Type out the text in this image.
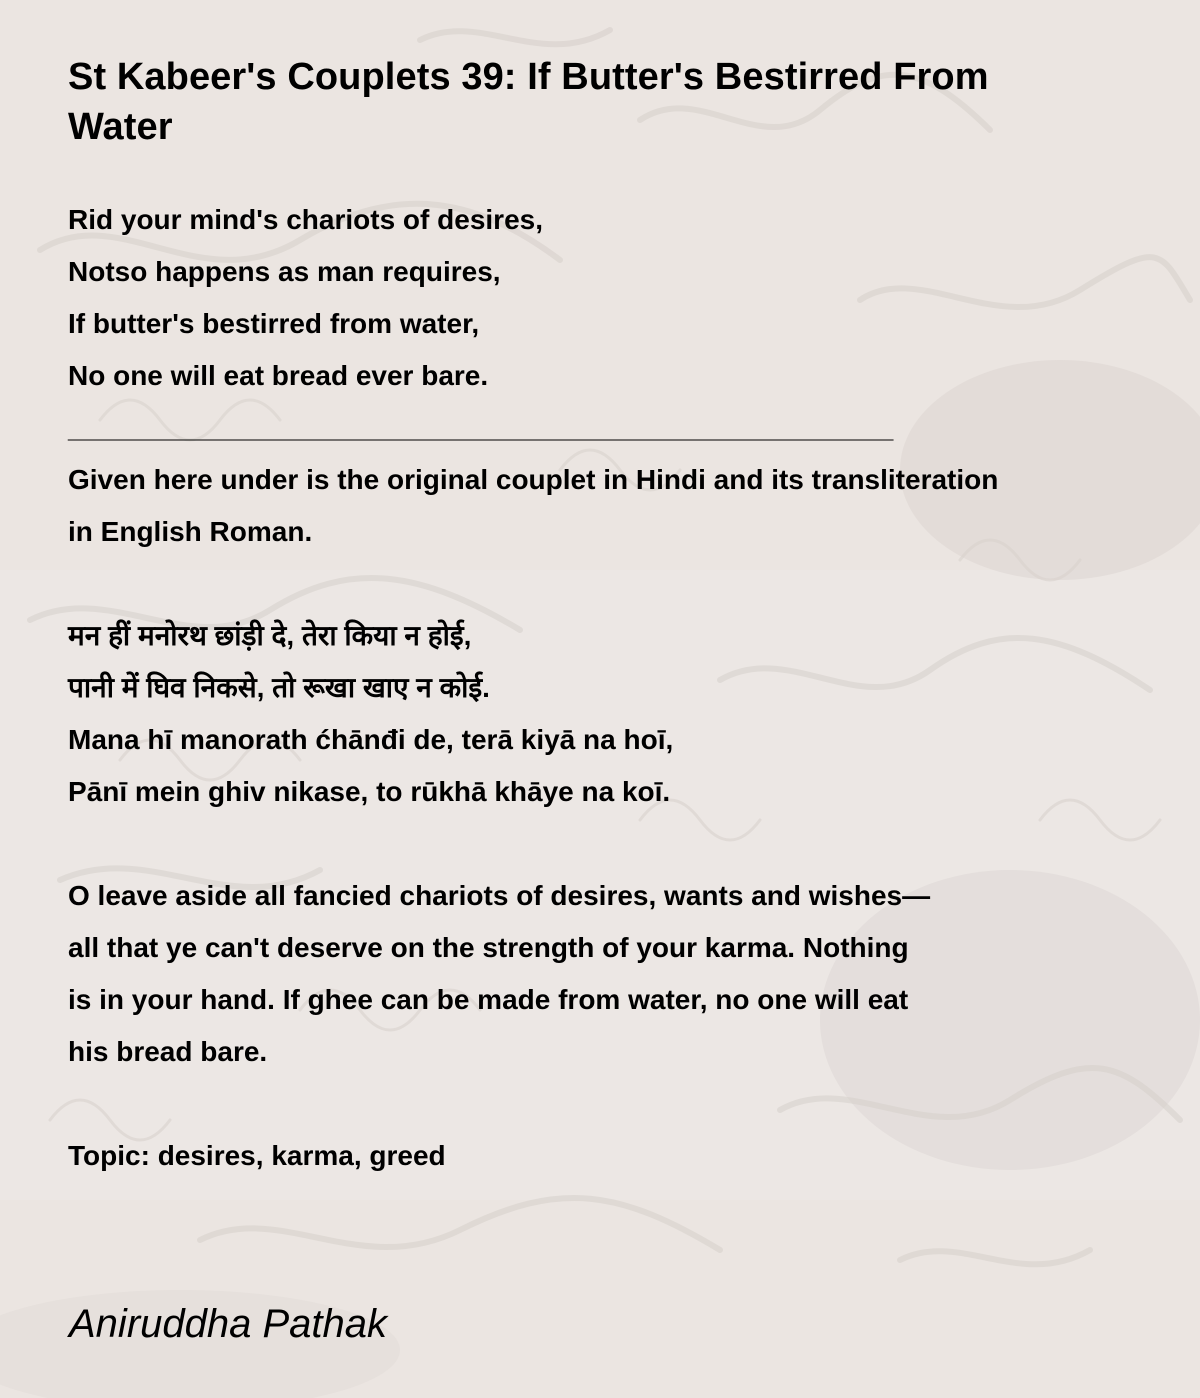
St Kabeer's Couplets 39: If Butter's Bestirred From Water
Rid your mind's chariots of desires,
Notso happens as man requires,
If butter's bestirred from water,
No one will eat bread ever bare.
_____________________________________________________
Given here under is the original couplet in Hindi and its transliteration
in English Roman.
मन हीं मनोरथ छांड़ी दे, तेरा किया न होई,
पानी में घिव निकसे, तो रूखा खाए न कोई.
Mana hī manorath ćhānđi de, terā kiyā na hoī,
Pānī mein ghiv nikase, to rūkhā khāye na koī.
O leave aside all fancied chariots of desires, wants and wishes—
all that ye can't deserve on the strength of your karma. Nothing
is in your hand. If ghee can be made from water, no one will eat
his bread bare.
Topic: desires, karma, greed
Aniruddha Pathak
